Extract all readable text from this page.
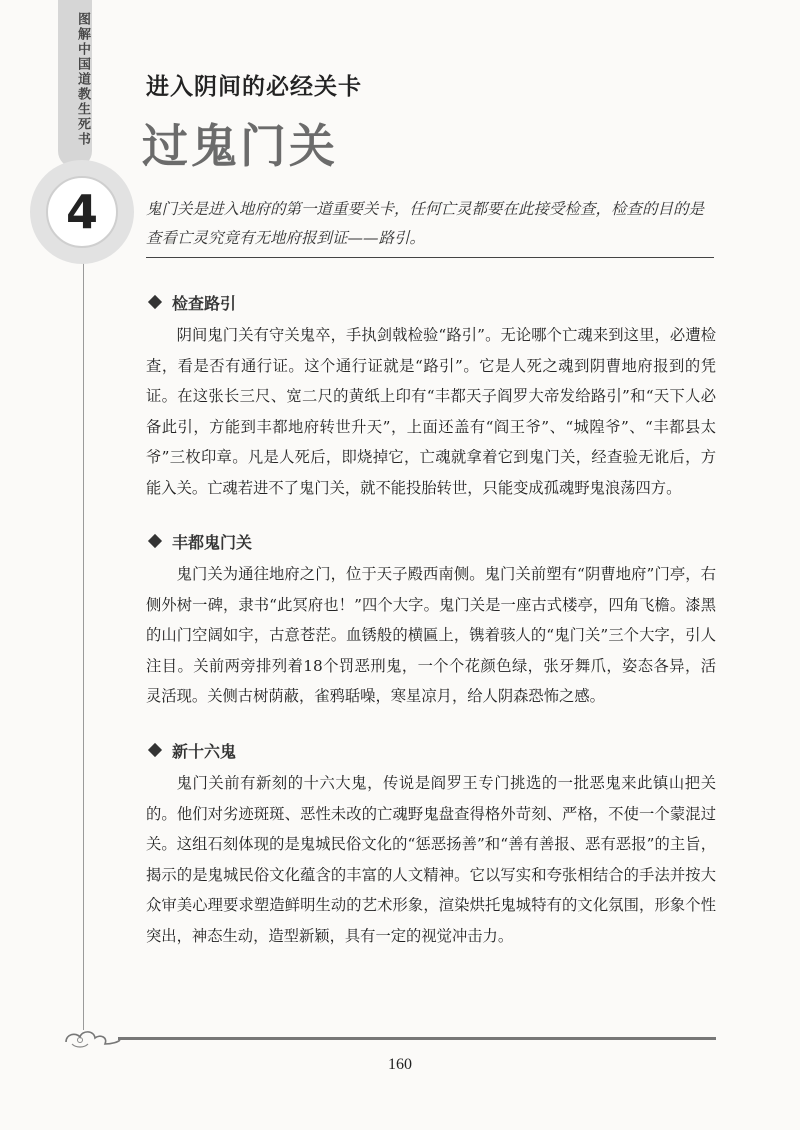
图解中国道教生死书
4
进入阴间的必经关卡
过鬼门关
鬼门关是进入地府的第一道重要关卡，任何亡灵都要在此接受检查，检查的目的是查看亡灵究竟有无地府报到证——路引。
检查路引

阴间鬼门关有守关鬼卒，手执剑戟检验“路引”。无论哪个亡魂来到这里，必遭检查，看是否有通行证。这个通行证就是“路引”。它是人死之魂到阴曹地府报到的凭证。在这张长三尺、宽二尺的黄纸上印有“丰都天子阎罗大帝发给路引”和“天下人必备此引，方能到丰都地府转世升天”，上面还盖有“阎王爷”、“城隍爷”、“丰都县太爷”三枚印章。凡是人死后，即烧掉它，亡魂就拿着它到鬼门关，经查验无讹后，方能入关。亡魂若进不了鬼门关，就不能投胎转世，只能变成孤魂野鬼浪荡四方。

丰都鬼门关

鬼门关为通往地府之门，位于天子殿西南侧。鬼门关前塑有“阴曹地府”门亭，右侧外树一碑，隶书“此冥府也！”四个大字。鬼门关是一座古式楼亭，四角飞檐。漆黑的山门空阔如宇，古意苍茫。血锈般的横匾上，镌着骇人的“鬼门关”三个大字，引人注目。关前两旁排列着18个罚恶刑鬼，一个个花颜色绿，张牙舞爪，姿态各异，活灵活现。关侧古树荫蔽，雀鸦聒噪，寒星凉月，给人阴森恐怖之感。

新十六鬼

鬼门关前有新刻的十六大鬼，传说是阎罗王专门挑选的一批恶鬼来此镇山把关的。他们对劣迹斑斑、恶性未改的亡魂野鬼盘查得格外苛刻、严格，不使一个蒙混过关。这组石刻体现的是鬼城民俗文化的“惩恶扬善”和“善有善报、恶有恶报”的主旨，揭示的是鬼城民俗文化蕴含的丰富的人文精神。它以写实和夸张相结合的手法并按大众审美心理要求塑造鲜明生动的艺术形象，渲染烘托鬼城特有的文化氛围，形象个性突出，神态生动，造型新颖，具有一定的视觉冲击力。

160
